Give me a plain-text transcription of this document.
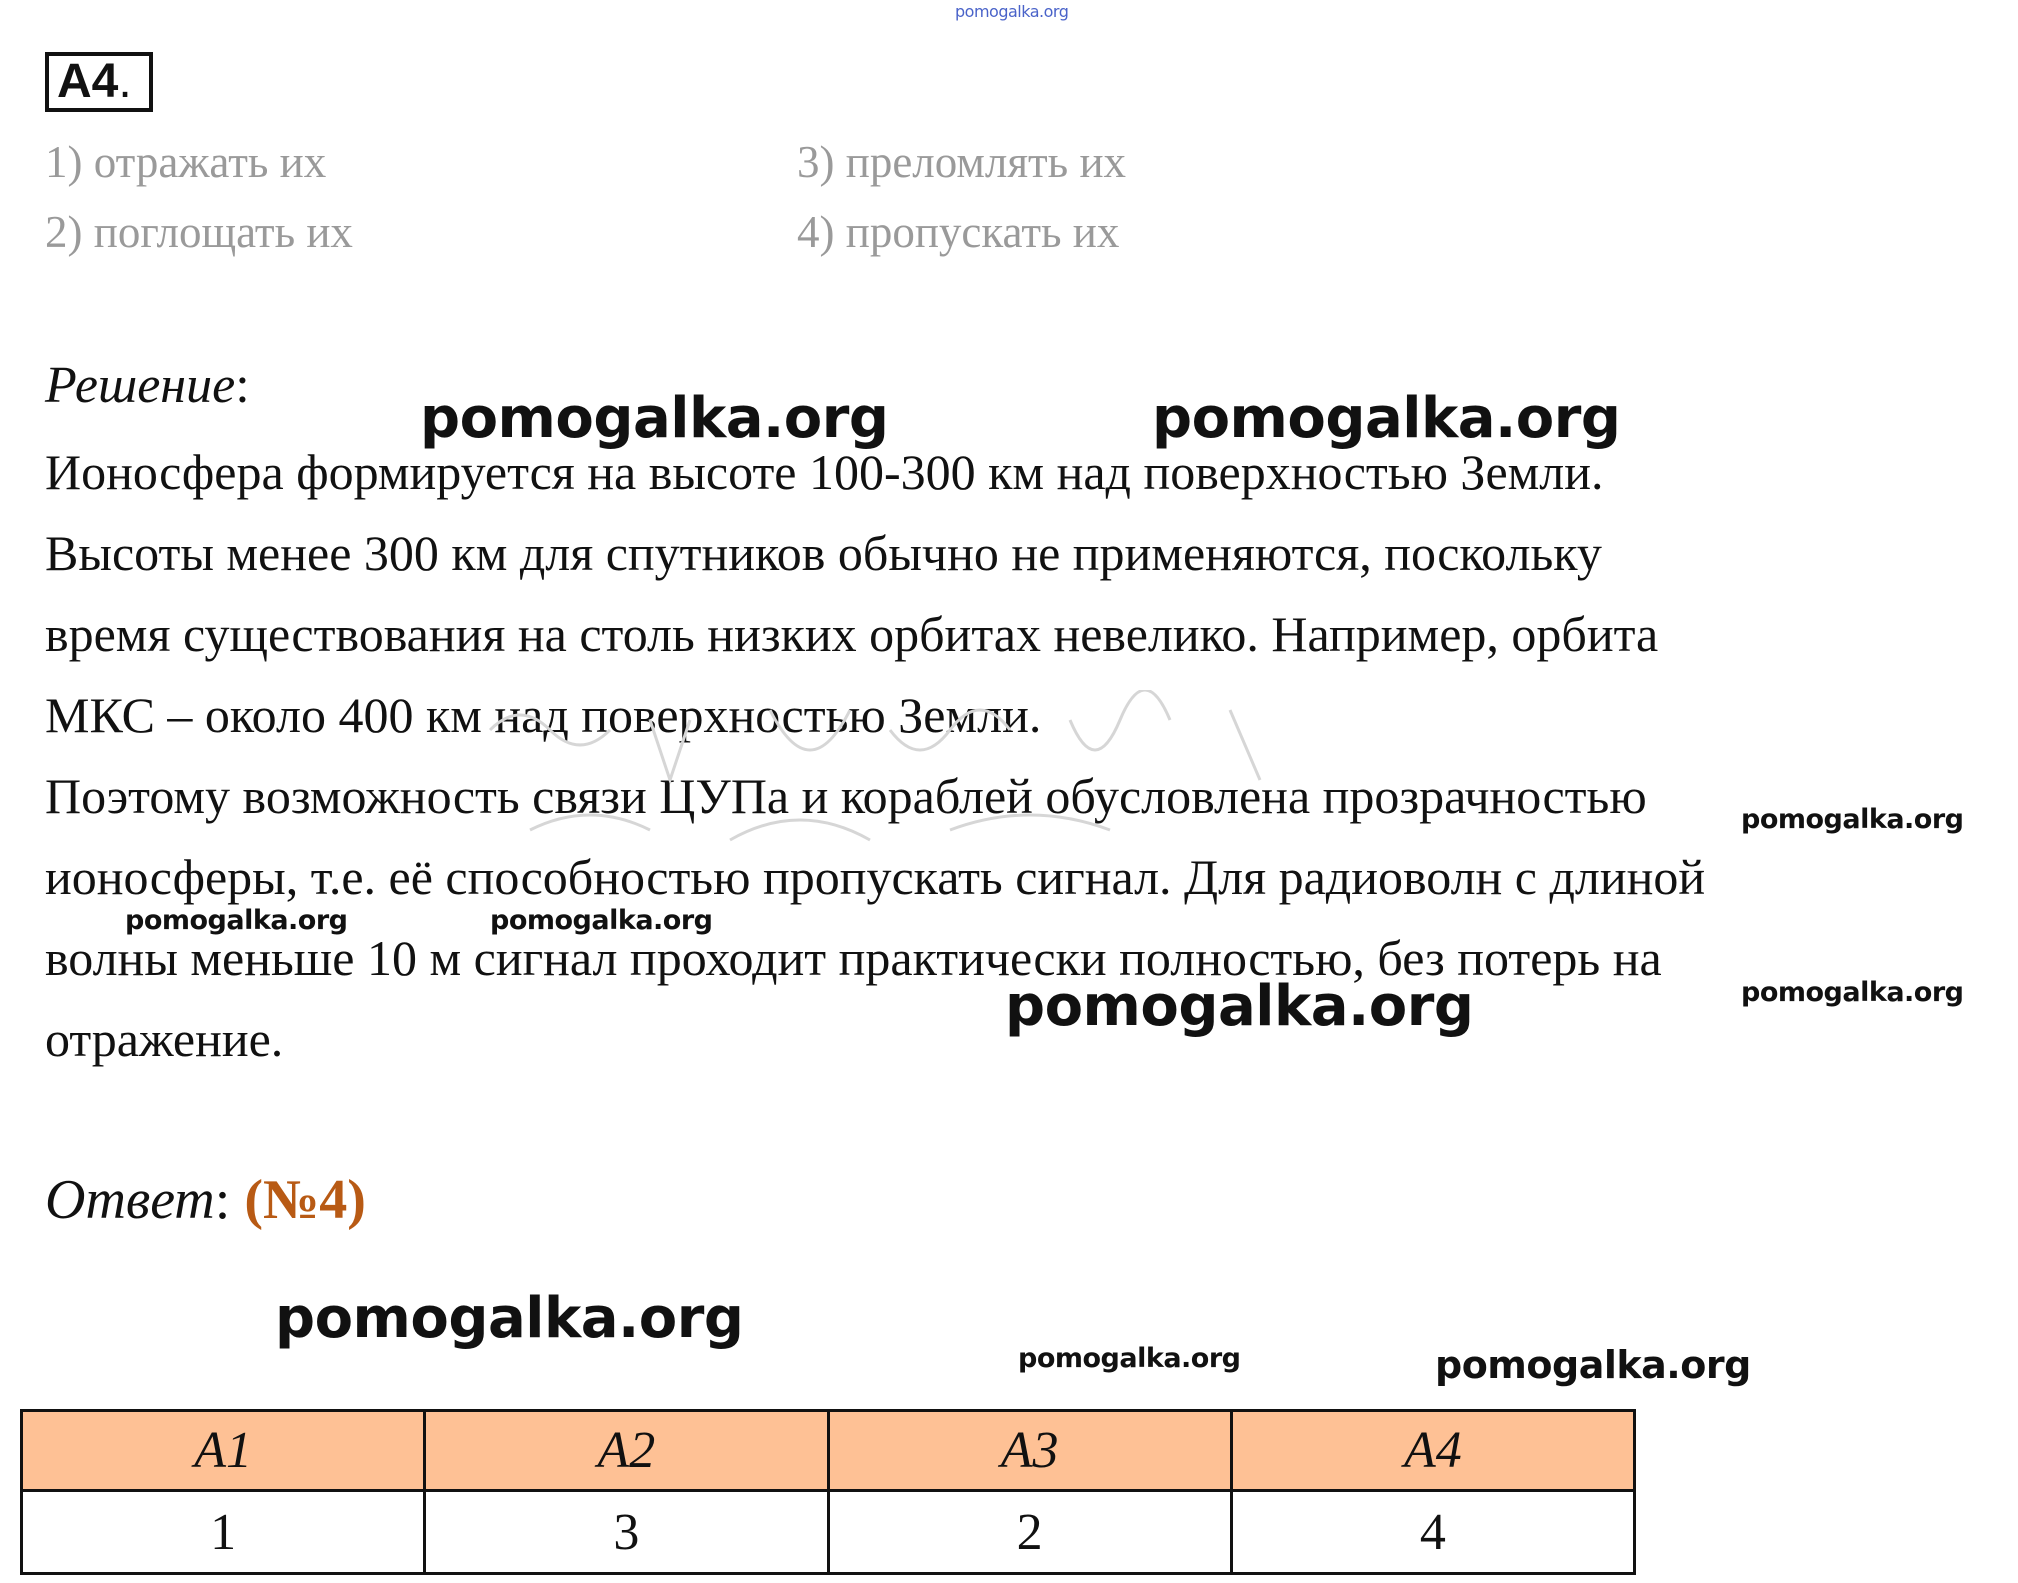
pomogalka.org
A4.
1) отражать их
2) поглощать их
3) преломлять их
4) пропускать их
Решение:
Ионосфера формируется на высоте 100-300 км над поверхностью Земли.
Высоты менее 300 км для спутников обычно не применяются, поскольку
время существования на столь низких орбитах невелико. Например, орбита
МКС – около 400 км над поверхностью Земли.
Поэтому возможность связи ЦУПа и кораблей обусловлена прозрачностью
ионосферы, т.е. её способностью пропускать сигнал. Для радиоволн с длиной
волны меньше 10 м сигнал проходит практически полностью, без потерь на
отражение.
pomogalka.org	pomogalka.org
pomogalka.org
pomogalka.org	pomogalka.org
pomogalka.org	pomogalka.org
Ответ: (№4)
pomogalka.org
pomogalka.org	pomogalka.org
A1	A2	A3	A4
1	3	2	4
